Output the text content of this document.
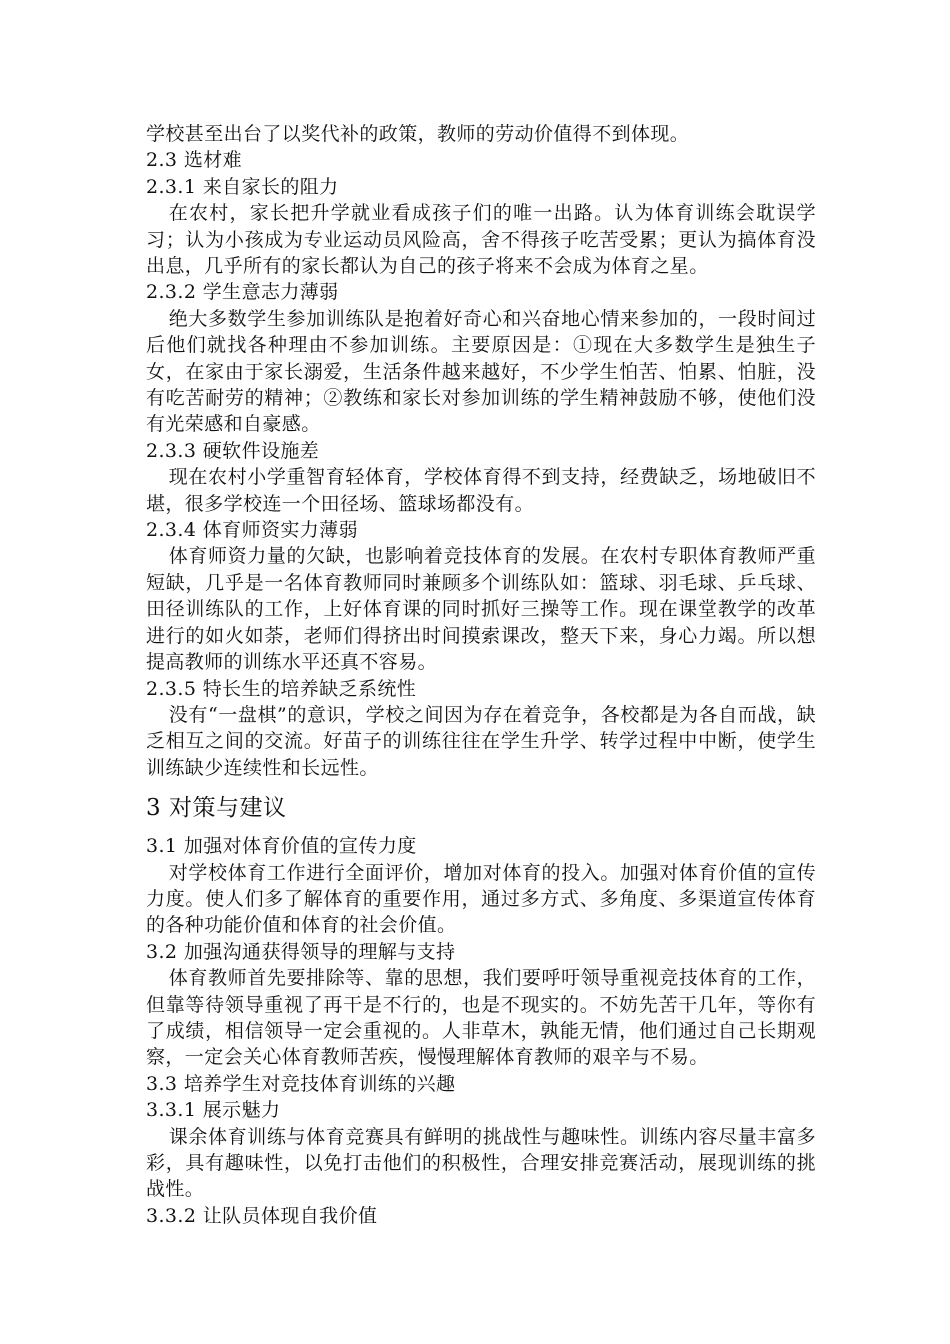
学校甚至出台了以奖代补的政策，教师的劳动价值得不到体现。
2.3 选材难
2.3.1 来自家长的阻力

在农村，家长把升学就业看成孩子们的唯一出路。认为体育训练会耽误学习；认为小孩成为专业运动员风险高，舍不得孩子吃苦受累；更认为搞体育没出息，几乎所有的家长都认为自己的孩子将来不会成为体育之星。

2.3.2 学生意志力薄弱

绝大多数学生参加训练队是抱着好奇心和兴奋地心情来参加的，一段时间过后他们就找各种理由不参加训练。主要原因是：①现在大多数学生是独生子女，在家由于家长溺爱，生活条件越来越好，不少学生怕苦、怕累、怕脏，没有吃苦耐劳的精神；②教练和家长对参加训练的学生精神鼓励不够，使他们没有光荣感和自豪感。

2.3.3 硬软件设施差

现在农村小学重智育轻体育，学校体育得不到支持，经费缺乏，场地破旧不堪，很多学校连一个田径场、篮球场都没有。

2.3.4 体育师资实力薄弱

体育师资力量的欠缺，也影响着竞技体育的发展。在农村专职体育教师严重短缺，几乎是一名体育教师同时兼顾多个训练队如：篮球、羽毛球、乒乓球、田径训练队的工作，上好体育课的同时抓好三操等工作。现在课堂教学的改革进行的如火如荼，老师们得挤出时间摸索课改，整天下来，身心力竭。所以想提高教师的训练水平还真不容易。

2.3.5 特长生的培养缺乏系统性

没有“一盘棋”的意识，学校之间因为存在着竞争，各校都是为各自而战，缺乏相互之间的交流。好苗子的训练往往在学生升学、转学过程中中断，使学生训练缺少连续性和长远性。

3 对策与建议
3.1 加强对体育价值的宣传力度

对学校体育工作进行全面评价，增加对体育的投入。加强对体育价值的宣传力度。使人们多了解体育的重要作用，通过多方式、多角度、多渠道宣传体育的各种功能价值和体育的社会价值。

3.2 加强沟通获得领导的理解与支持

体育教师首先要排除等、靠的思想，我们要呼吁领导重视竞技体育的工作，但靠等待领导重视了再干是不行的，也是不现实的。不妨先苦干几年，等你有了成绩，相信领导一定会重视的。人非草木，孰能无情，他们通过自己长期观察，一定会关心体育教师苦疾，慢慢理解体育教师的艰辛与不易。

3.3 培养学生对竞技体育训练的兴趣
3.3.1 展示魅力

课余体育训练与体育竞赛具有鲜明的挑战性与趣味性。训练内容尽量丰富多彩，具有趣味性，以免打击他们的积极性，合理安排竞赛活动，展现训练的挑战性。

3.3.2 让队员体现自我价值
